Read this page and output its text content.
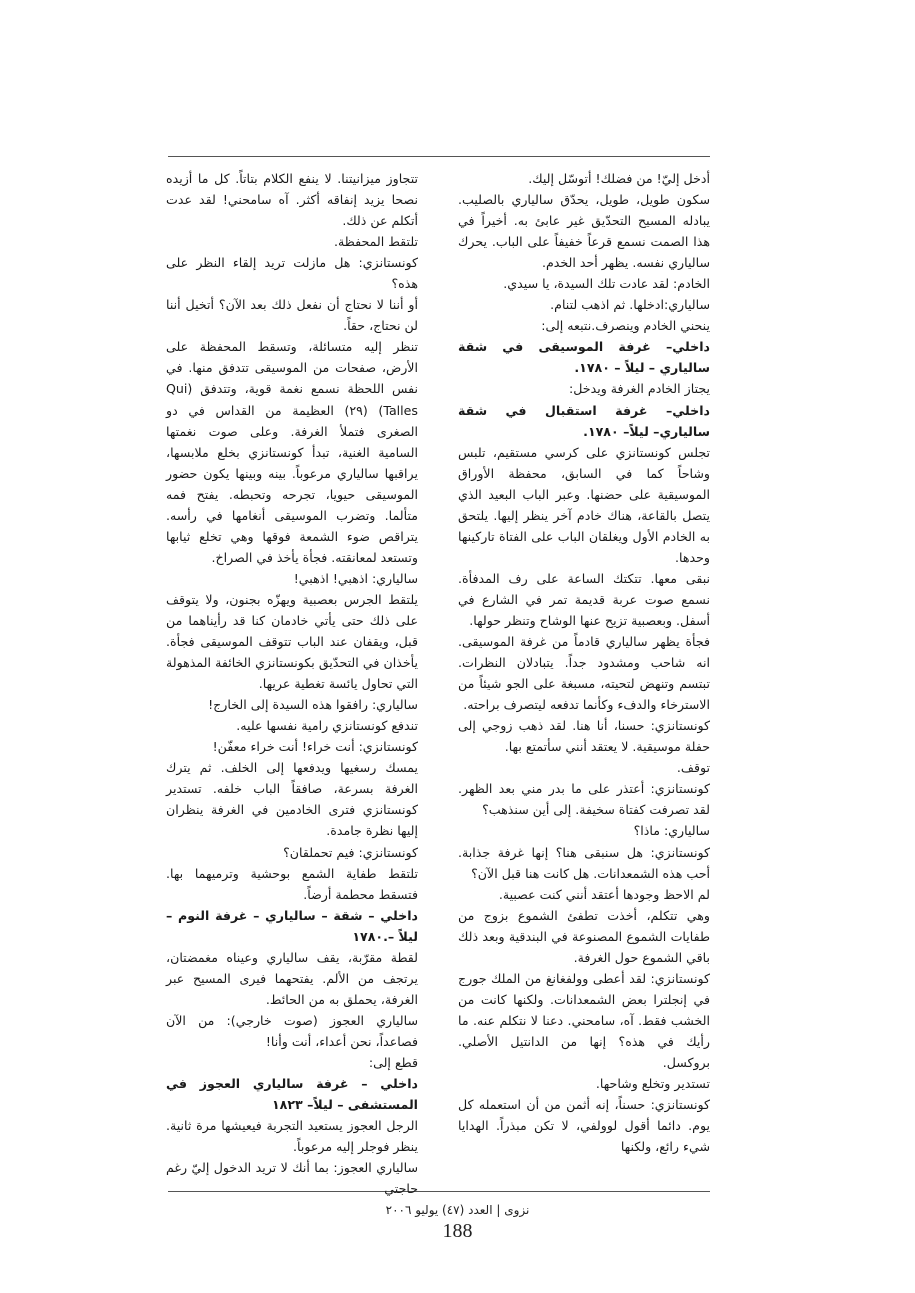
أدخل إليّ! من فضلك! أتوسّل إليك.

سكون طويل، طويل، يحدّق سالياري بالصليب. يبادله المسيح التحدّيق غير عابئ به. أخيراً في هذا الصمت نسمع قرعاً خفيفاً على الباب. يحرك سالياري نفسه. يظهر أحد الخدم.

الخادم: لقد عادت تلك السيدة، يا سيدي.

سالياري:ادخلها. ثم اذهب لتنام.

ينحني الخادم وينصرف.نتبعه إلى:

داخلي– غرفة الموسيقى في شقة سالياري – ليلاً – ١٧٨٠.

يجتاز الخادم الغرفة ويدخل:

داخلي– غرفة استقبال في شقة سالياري– ليلاً– ١٧٨٠.

تجلس كونستانزي على كرسي مستقيم، تلبس وشاحاً كما في السابق، محفظة الأوراق الموسيقية على حضنها. وعبر الباب البعيد الذي يتصل بالقاعة، هناك خادم آخر ينظر إليها. يلتحق به الخادم الأول ويغلقان الباب على الفتاة تاركينها وحدها.

نبقى معها. تتكتك الساعة على رف المدفأة. نسمع صوت عربة قديمة تمر في الشارع في أسفل. وبعصبية تزيح عنها الوشاح وتنظر حولها.

فجأة يظهر سالياري قادماً من غرفة الموسيقى. انه شاحب ومشدود جداً. يتبادلان النظرات. تبتسم وتنهض لتحيته، مسبغة على الجو شيئاً من الاسترخاء والدفء وكأنما تدفعه ليتصرف براحته.

كونستانزي: حسنا، أنا هنا. لقد ذهب زوجي إلى حفلة موسيقية. لا يعتقد أنني سأتمتع بها.

توقف.

كونستانزي: أعتذر على ما بدر مني بعد الظهر. لقد تصرفت كفتاة سخيفة. إلى أين سنذهب؟

سالياري: ماذا؟

كونستانزي: هل سنبقى هنا؟ إنها غرفة جذابة. أحب هذه الشمعدانات. هل كانت هنا قبل الآن؟

لم الاحظ وجودها أعتقد أنني كنت عصبية.

وهي تتكلم، أخذت تطفئ الشموع بزوج من طفايات الشموع المصنوعة في البندقية وبعد ذلك باقي الشموع حول الغرفة.

كونستانزي: لقد أعطى وولفغانغ من الملك جورج في إنجلترا بعض الشمعدانات. ولكنها كانت من الخشب فقط. آه، سامحني. دعنا لا نتكلم عنه. ما رأيك في هذه؟ إنها من الدانتيل الأصلي. بروكسل.

تستدير وتخلع وشاحها.

كونستانزي: حسناً، إنه أثمن من أن استعمله كل يوم. دائما أقول لوولفي، لا تكن مبذراً. الهدايا شيء رائع، ولكنها

تتجاوز ميزانيتنا. لا ينفع الكلام بتاتاً. كل ما أزيده نصحا يزيد إنفاقه أكثر. آه سامحني! لقد عدت أتكلم عن ذلك.

تلتقط المحفظة.

كونستانزي: هل مازلت تريد إلقاء النظر على هذه؟

أو أننا لا نحتاج أن نفعل ذلك بعد الآن؟ أتخيل أننا لن نحتاج، حقاً.

تنظر إليه متسائلة، وتسقط المحفظة على الأرض، صفحات من الموسيقى تتدفق منها. في نفس اللحظة نسمع نغمة قوية، وتتدفق (Qui Talles) (٢٩) العظيمة من القداس في دو الصغرى فتملأ الغرفة. وعلى صوت نغمتها السامية الغنية، تبدأ كونستانزي بخلع ملابسها، يراقبها سالياري مرعوباً. بينه وبينها يكون حضور الموسيقى حيويا، تجرحه وتحبطه. يفتح فمه متألما. وتضرب الموسيقى أنغامها في رأسه. يتراقص ضوء الشمعة فوقها وهي تخلع ثيابها وتستعد لمعانقته. فجأة يأخذ في الصراخ.

سالياري: اذهبي! اذهبي!

يلتقط الجرس بعصبية ويهزّه بجنون، ولا يتوقف على ذلك حتى يأتي خادمان كنا قد رأيناهما من قبل، ويقفان عند الباب تتوقف الموسيقى فجأة. يأخذان في التحدّيق بكونستانزي الخائفة المذهولة التي تحاول يائسة تغطية عريها.

سالياري: رافقوا هذه السيدة إلى الخارج!

تندفع كونستانزي رامية نفسها عليه.

كونستانزي: أنت خراء! أنت خراء معفّن!

يمسك رسغيها ويدفعها إلى الخلف. ثم يترك الغرفة بسرعة، صافقاً الباب خلفه. تستدير كونستانزي فترى الخادمين في الغرفة ينظران إليها نظرة جامدة.

كونستانزي: فيم تحملقان؟

تلتقط طفاية الشمع بوحشية وترميهما بها. فتسقط محطمة أرضاً.

داخلي – شقة – سالياري – غرفة النوم – ليلاً –.١٧٨٠

لقطة مقرّبة، يقف سالياري وعيناه مغمضتان، يرتجف من الألم. يفتحهما فيرى المسيح عبر الغرفة، يحملق به من الحائط.

سالياري العجوز (صوت خارجي): من الآن فصاعداً، نحن أعداء، أنت وأنا!

قطع إلى:

داخلي – غرفة سالياري العجوز في المستشفى – ليلاً– ١٨٢٣

الرجل العجوز يستعيد التجربة فيعيشها مرة ثانية. ينظر فوجلر إليه مرعوباً.

سالياري العجوز: بما أنك لا تريد الدخول إليّ رغم حاجتي

نزوى | العدد (٤٧) يوليو ٢٠٠٦
188
